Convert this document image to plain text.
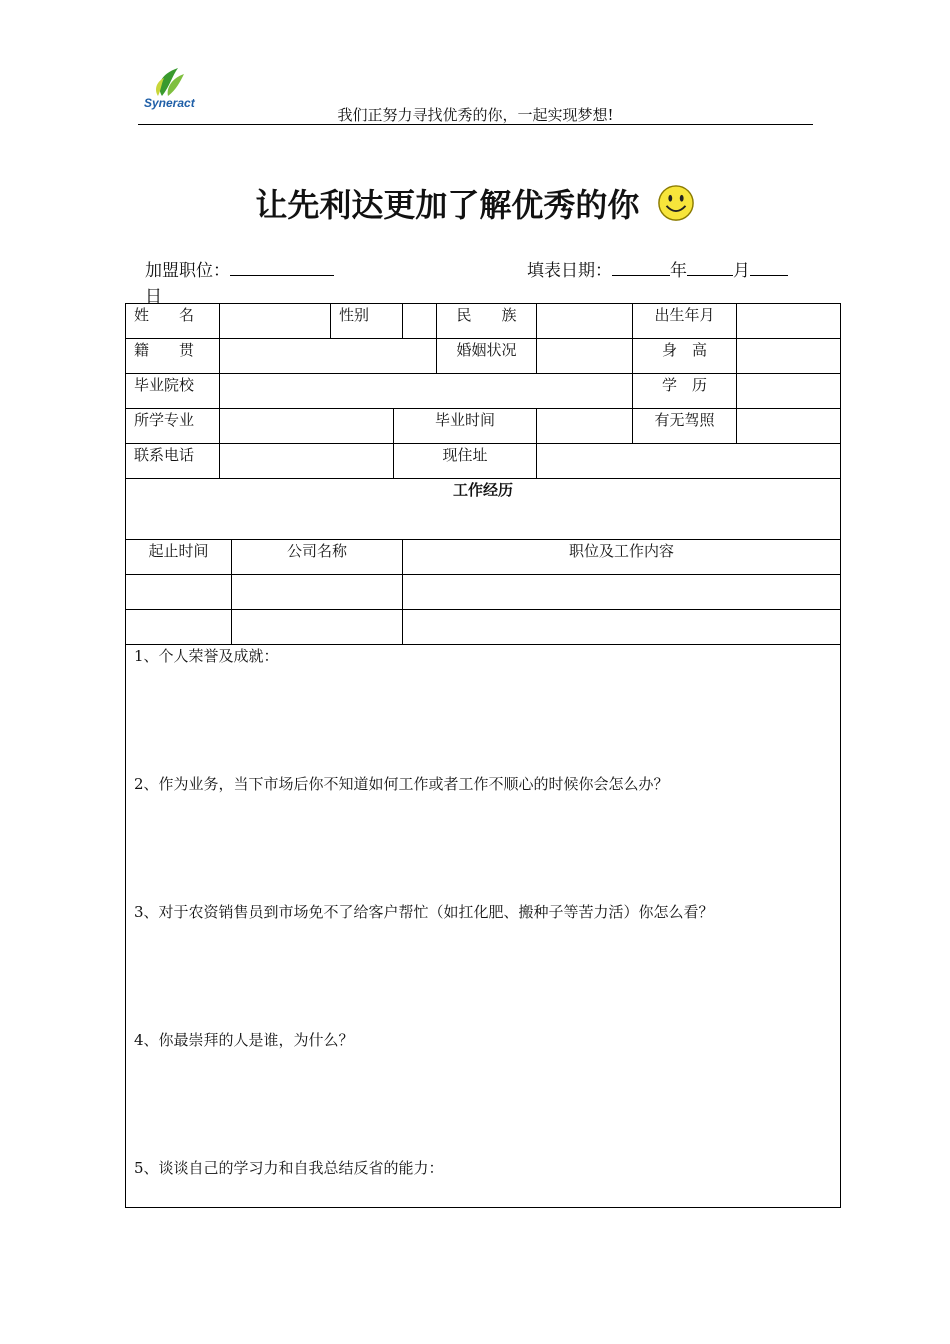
Syneract
我们正努力寻找优秀的你，一起实现梦想!
让先利达更加了解优秀的你
加盟职位：	填表日期：	年	月
日
姓　　名			性别			民　　族		出生年月	
籍　　贯						婚姻状况		身　高	
毕业院校								学　历	
所学专业				毕业时间				有无驾照	
联系电话				现住址					
工作经历									
起止时间		公司名称			职位及工作内容				

1、个人荣誉及成就：
2、作为业务，当下市场后你不知道如何工作或者工作不顺心的时候你会怎么办？
3、对于农资销售员到市场免不了给客户帮忙（如扛化肥、搬种子等苦力活）你怎么看？
4、你最崇拜的人是谁，为什么？
5、谈谈自己的学习力和自我总结反省的能力：									
